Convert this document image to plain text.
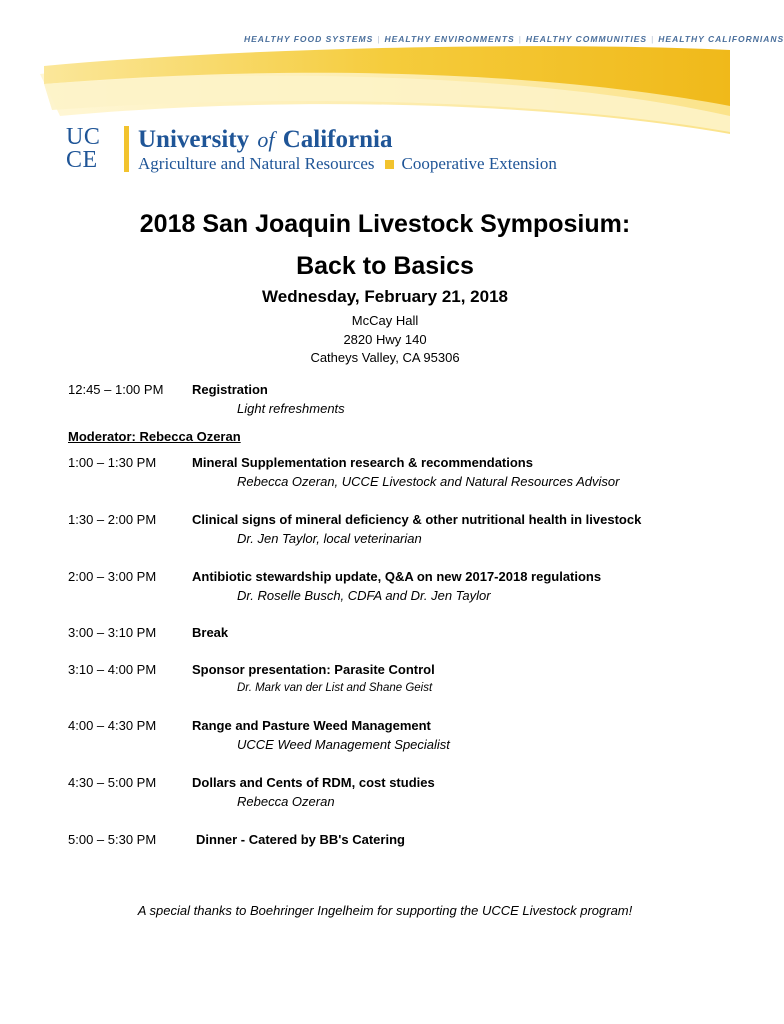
HEALTHY FOOD SYSTEMS | HEALTHY ENVIRONMENTS | HEALTHY COMMUNITIES | HEALTHY CALIFORNIANS
UC
CE
University of California
Agriculture and Natural Resources Cooperative Extension
2018 San Joaquin Livestock Symposium:
Back to Basics
Wednesday, February 21, 2018
McCay Hall
2820 Hwy 140
Catheys Valley, CA 95306
12:45 – 1:00 PM Registration
Light refreshments
Moderator: Rebecca Ozeran
1:00 – 1:30 PM	Mineral Supplementation research & recommendations
Rebecca Ozeran, UCCE Livestock and Natural Resources Advisor
1:30 – 2:00 PM	Clinical signs of mineral deficiency & other nutritional health in livestock
Dr. Jen Taylor, local veterinarian
2:00 – 3:00 PM	Antibiotic stewardship update, Q&A on new 2017-2018 regulations
Dr. Roselle Busch, CDFA and Dr. Jen Taylor
3:00 – 3:10 PM	Break
3:10 – 4:00 PM	Sponsor presentation: Parasite Control
Dr. Mark van der List and Shane Geist
4:00 – 4:30 PM	Range and Pasture Weed Management
UCCE Weed Management Specialist
4:30 – 5:00 PM	Dollars and Cents of RDM, cost studies
Rebecca Ozeran
5:00 – 5:30 PM	Dinner - Catered by BB's Catering
A special thanks to Boehringer Ingelheim for supporting the UCCE Livestock program!
